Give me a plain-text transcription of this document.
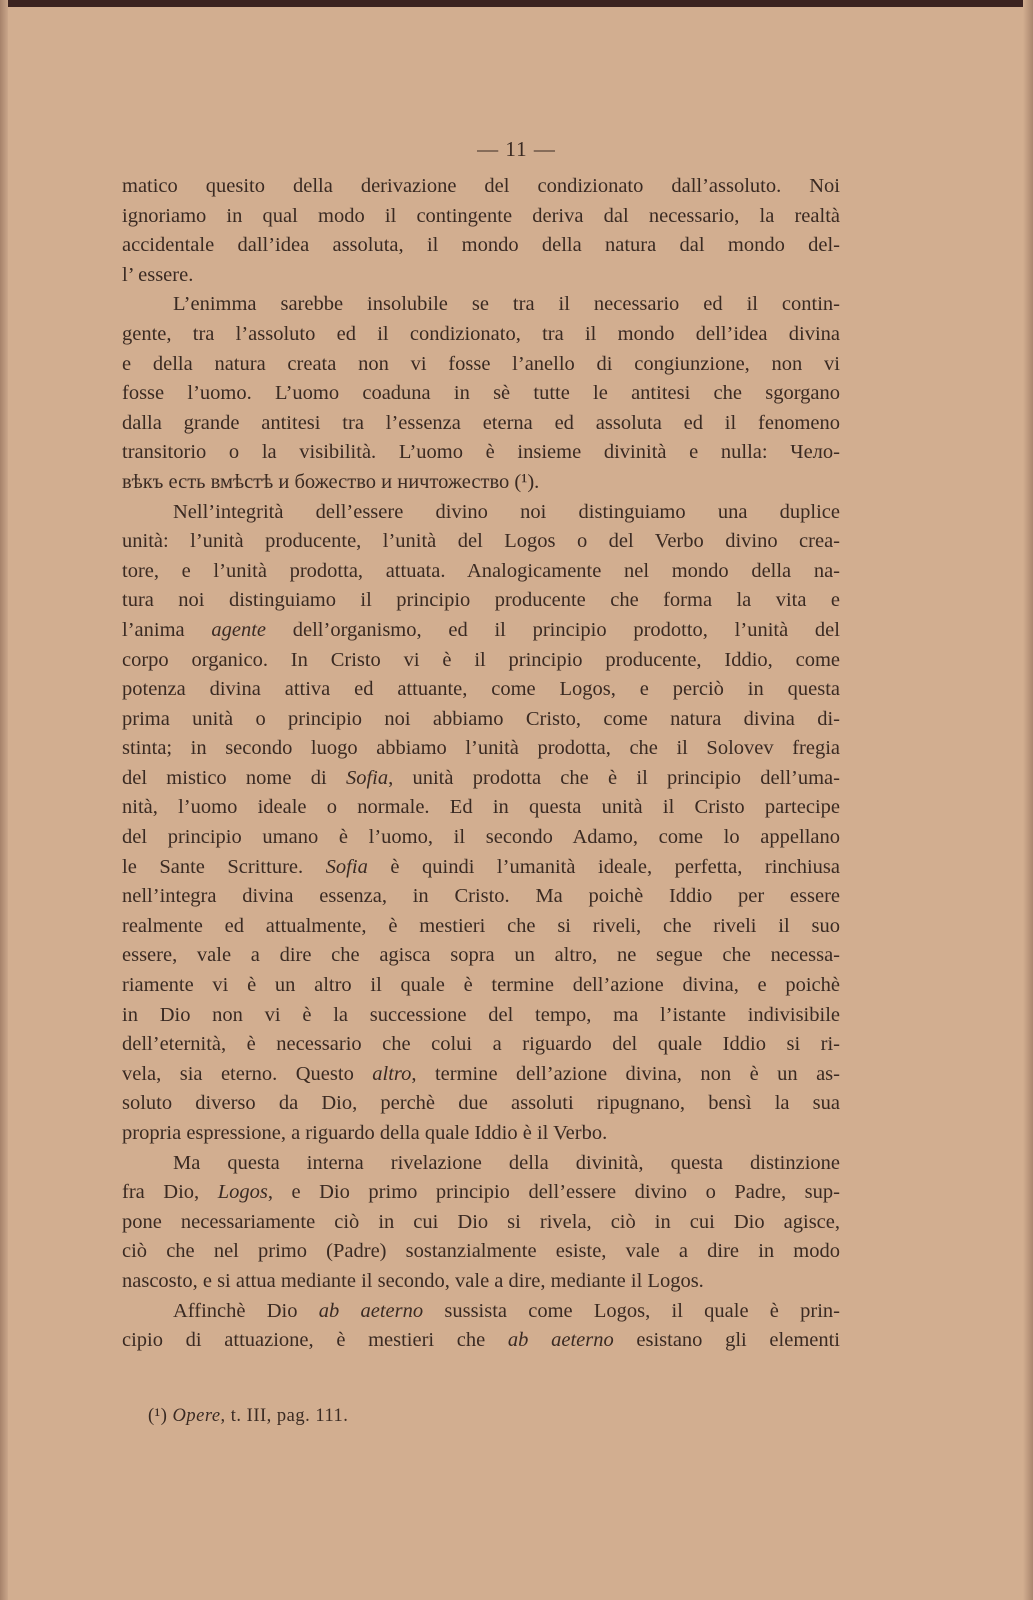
— 11 —
matico quesito della derivazione del condizionato dall’assoluto. Noi
ignoriamo in qual modo il contingente deriva dal necessario, la realtà
accidentale dall’idea assoluta, il mondo della natura dal mondo del-
l’ essere.
L’enimma sarebbe insolubile se tra il necessario ed il contin-
gente, tra l’assoluto ed il condizionato, tra il mondo dell’idea divina
e della natura creata non vi fosse l’anello di congiunzione, non vi
fosse l’uomo. L’uomo coaduna in sè tutte le antitesi che sgorgano
dalla grande antitesi tra l’essenza eterna ed assoluta ed il fenomeno
transitorio o la visibilità. L’uomo è insieme divinità e nulla: Чело-
вѣкъ есть вмѣстѣ и божество и ничтожество (¹).
Nell’integrità dell’essere divino noi distinguiamo una duplice
unità: l’unità producente, l’unità del Logos o del Verbo divino crea-
tore, e l’unità prodotta, attuata. Analogicamente nel mondo della na-
tura noi distinguiamo il principio producente che forma la vita e
l’anima agente dell’organismo, ed il principio prodotto, l’unità del
corpo organico. In Cristo vi è il principio producente, Iddio, come
potenza divina attiva ed attuante, come Logos, e perciò in questa
prima unità o principio noi abbiamo Cristo, come natura divina di-
stinta; in secondo luogo abbiamo l’unità prodotta, che il Solovev fregia
del mistico nome di Sofia, unità prodotta che è il principio dell’uma-
nità, l’uomo ideale o normale. Ed in questa unità il Cristo partecipe
del principio umano è l’uomo, il secondo Adamo, come lo appellano
le Sante Scritture. Sofia è quindi l’umanità ideale, perfetta, rinchiusa
nell’integra divina essenza, in Cristo. Ma poichè Iddio per essere
realmente ed attualmente, è mestieri che si riveli, che riveli il suo
essere, vale a dire che agisca sopra un altro, ne segue che necessa-
riamente vi è un altro il quale è termine dell’azione divina, e poichè
in Dio non vi è la successione del tempo, ma l’istante indivisibile
dell’eternità, è necessario che colui a riguardo del quale Iddio si ri-
vela, sia eterno. Questo altro, termine dell’azione divina, non è un as-
soluto diverso da Dio, perchè due assoluti ripugnano, bensì la sua
propria espressione, a riguardo della quale Iddio è il Verbo.
Ma questa interna rivelazione della divinità, questa distinzione
fra Dio, Logos, e Dio primo principio dell’essere divino o Padre, sup-
pone necessariamente ciò in cui Dio si rivela, ciò in cui Dio agisce,
ciò che nel primo (Padre) sostanzialmente esiste, vale a dire in modo
nascosto, e si attua mediante il secondo, vale a dire, mediante il Logos.
Affinchè Dio ab aeterno sussista come Logos, il quale è prin-
cipio di attuazione, è mestieri che ab aeterno esistano gli elementi
(¹) Opere, t. III, pag. 111.
